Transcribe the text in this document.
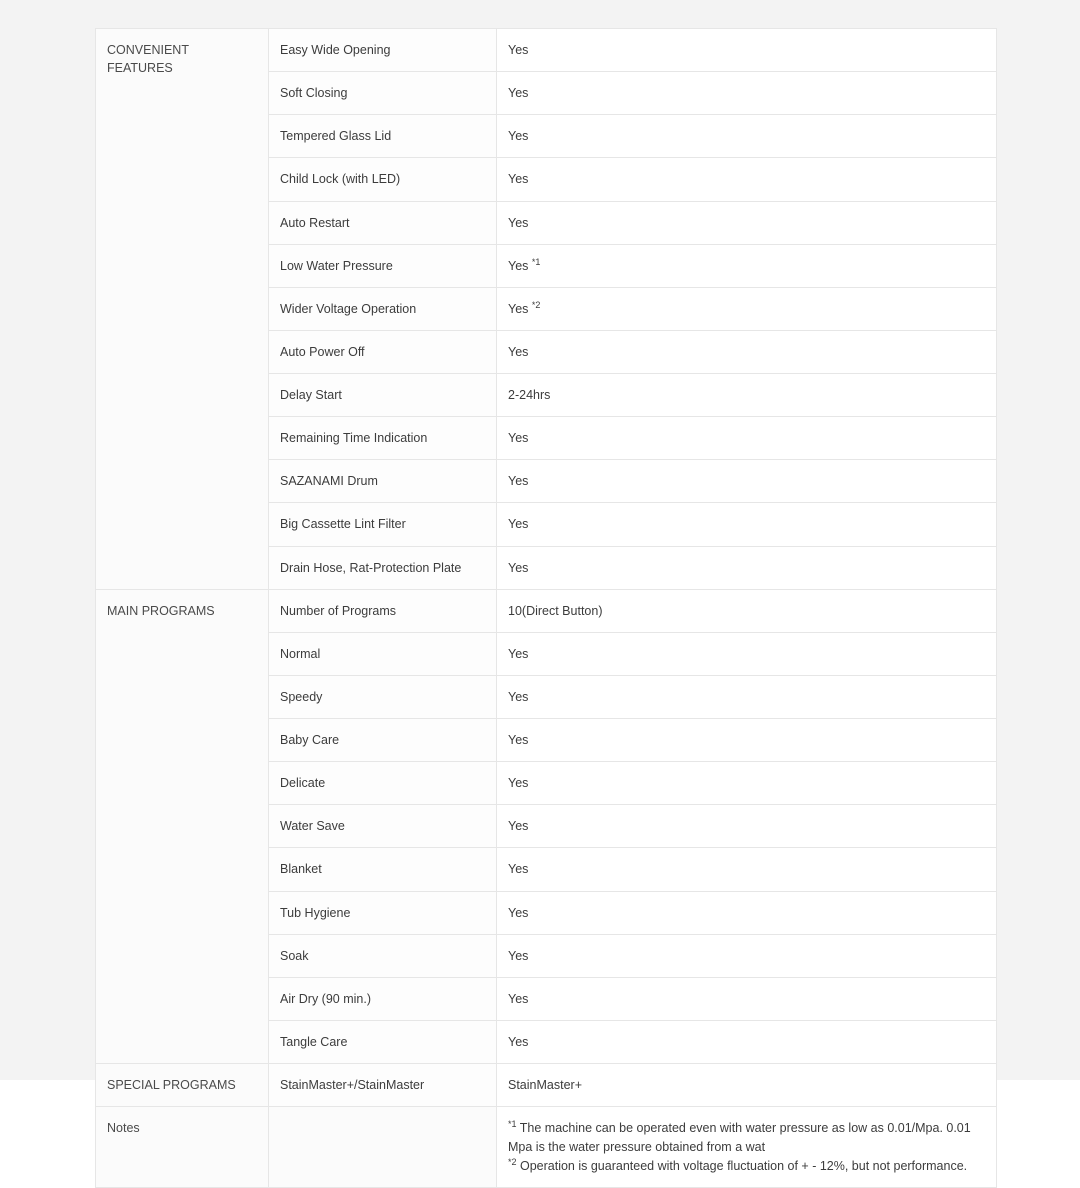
CONVENIENT FEATURES	Easy Wide Opening	Yes
	Soft Closing	Yes
	Tempered Glass Lid	Yes
	Child Lock (with LED)	Yes
	Auto Restart	Yes
	Low Water Pressure	Yes $^{*1}$
	Wider Voltage Operation	Yes $^{*2}$
	Auto Power Off	Yes
	Delay Start	2-24hrs
	Remaining Time Indication	Yes
	SAZANAMI Drum	Yes
	Big Cassette Lint Filter	Yes
	Drain Hose, Rat-Protection Plate	Yes

MAIN PROGRAMS	Number of Programs	10(Direct Button)
	Normal	Yes
	Speedy	Yes
	Baby Care	Yes
	Delicate	Yes
	Water Save	Yes
	Blanket	Yes
	Tub Hygiene	Yes
	Soak	Yes
	Air Dry (90 min.)	Yes
	Tangle Care	Yes

SPECIAL PROGRAMS	StainMaster+/StainMaster	StainMaster+
Notes		$^{*1}$ The machine can be operated even with water pressure as low as 0.01/Mpa. 0.01 Mpa is the water pressure obtained from a wat
$^{*2}$ Operation is guaranteed with voltage fluctuation of + - 12%, but not performance.
